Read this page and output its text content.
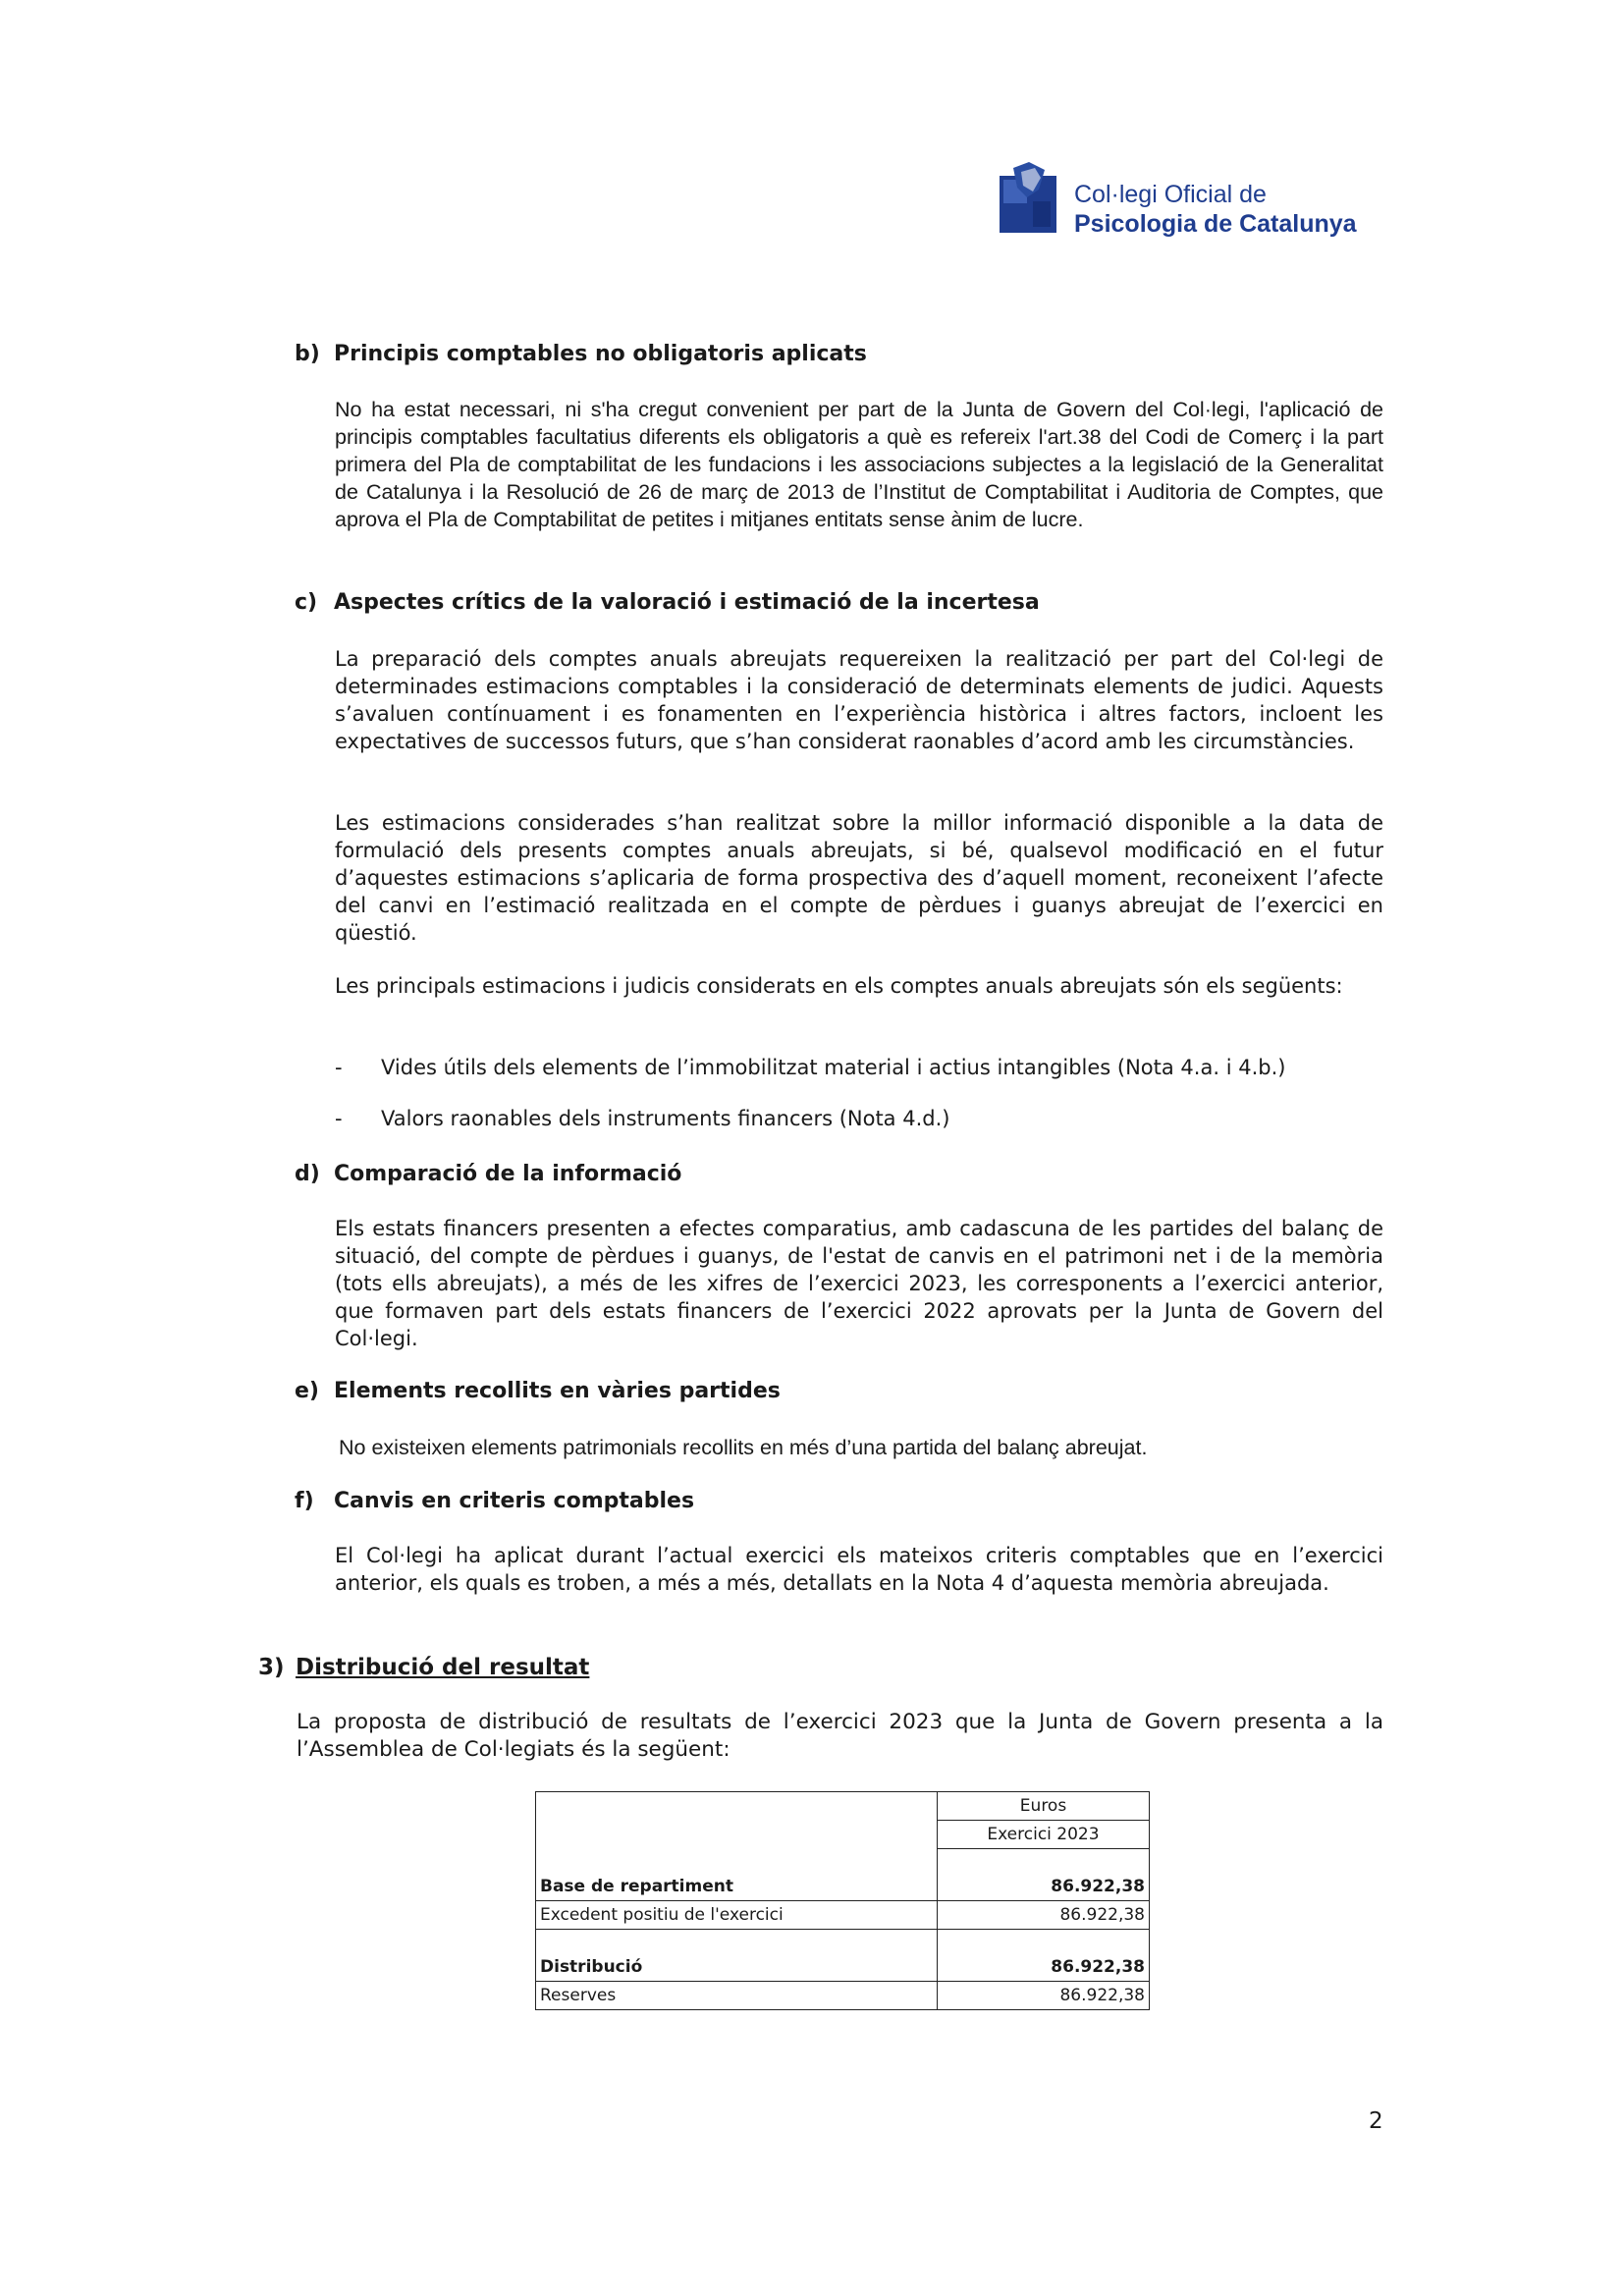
Col·legi Oficial de
Psicologia de Catalunya
b) Principis comptables no obligatoris aplicats
No ha estat necessari, ni s'ha cregut convenient per part de la Junta de Govern del Col·legi, l'aplicació de principis comptables facultatius diferents els obligatoris a què es refereix l'art.38 del Codi de Comerç i la part primera del Pla de comptabilitat de les fundacions i les associacions subjectes a la legislació de la Generalitat de Catalunya i la Resolució de 26 de març de 2013 de l’Institut de Comptabilitat i Auditoria de Comptes, que aprova el Pla de Comptabilitat de petites i mitjanes entitats sense ànim de lucre.
c) Aspectes crítics de la valoració i estimació de la incertesa
La preparació dels comptes anuals abreujats requereixen la realització per part del Col·legi de determinades estimacions comptables i la consideració de determinats elements de judici. Aquests s’avaluen contínuament i es fonamenten en l’experiència històrica i altres factors, incloent les expectatives de successos futurs, que s’han considerat raonables d’acord amb les circumstàncies.
Les estimacions considerades s’han realitzat sobre la millor informació disponible a la data de formulació dels presents comptes anuals abreujats, si bé, qualsevol modificació en el futur d’aquestes estimacions s’aplicaria de forma prospectiva des d’aquell moment, reconeixent l’afecte del canvi en l’estimació realitzada en el compte de pèrdues i guanys abreujat de l’exercici en qüestió.
Les principals estimacions i judicis considerats en els comptes anuals abreujats són els següents:
- Vides útils dels elements de l’immobilitzat material i actius intangibles (Nota 4.a. i 4.b.)
- Valors raonables dels instruments financers (Nota 4.d.)
d) Comparació de la informació
Els estats financers presenten a efectes comparatius, amb cadascuna de les partides del balanç de situació, del compte de pèrdues i guanys, de l'estat de canvis en el patrimoni net i de la memòria (tots ells abreujats), a més de les xifres de l’exercici 2023, les corresponents a l’exercici anterior, que formaven part dels estats financers de l’exercici 2022 aprovats per la Junta de Govern del Col·legi.
e) Elements recollits en vàries partides
No existeixen elements patrimonials recollits en més d’una partida del balanç abreujat.
f) Canvis en criteris comptables
El Col·legi ha aplicat durant l’actual exercici els mateixos criteris comptables que en l’exercici anterior, els quals es troben, a més a més, detallats en la Nota 4 d’aquesta memòria abreujada.
3) Distribució del resultat
La proposta de distribució de resultats de l’exercici 2023 que la Junta de Govern presenta a la l’Assemblea de Col·legiats és la següent:
	Euros
	Exercici 2023

Base de repartiment	86.922,38
Excedent positiu de l'exercici	86.922,38

Distribució	86.922,38
Reserves	86.922,38
2
